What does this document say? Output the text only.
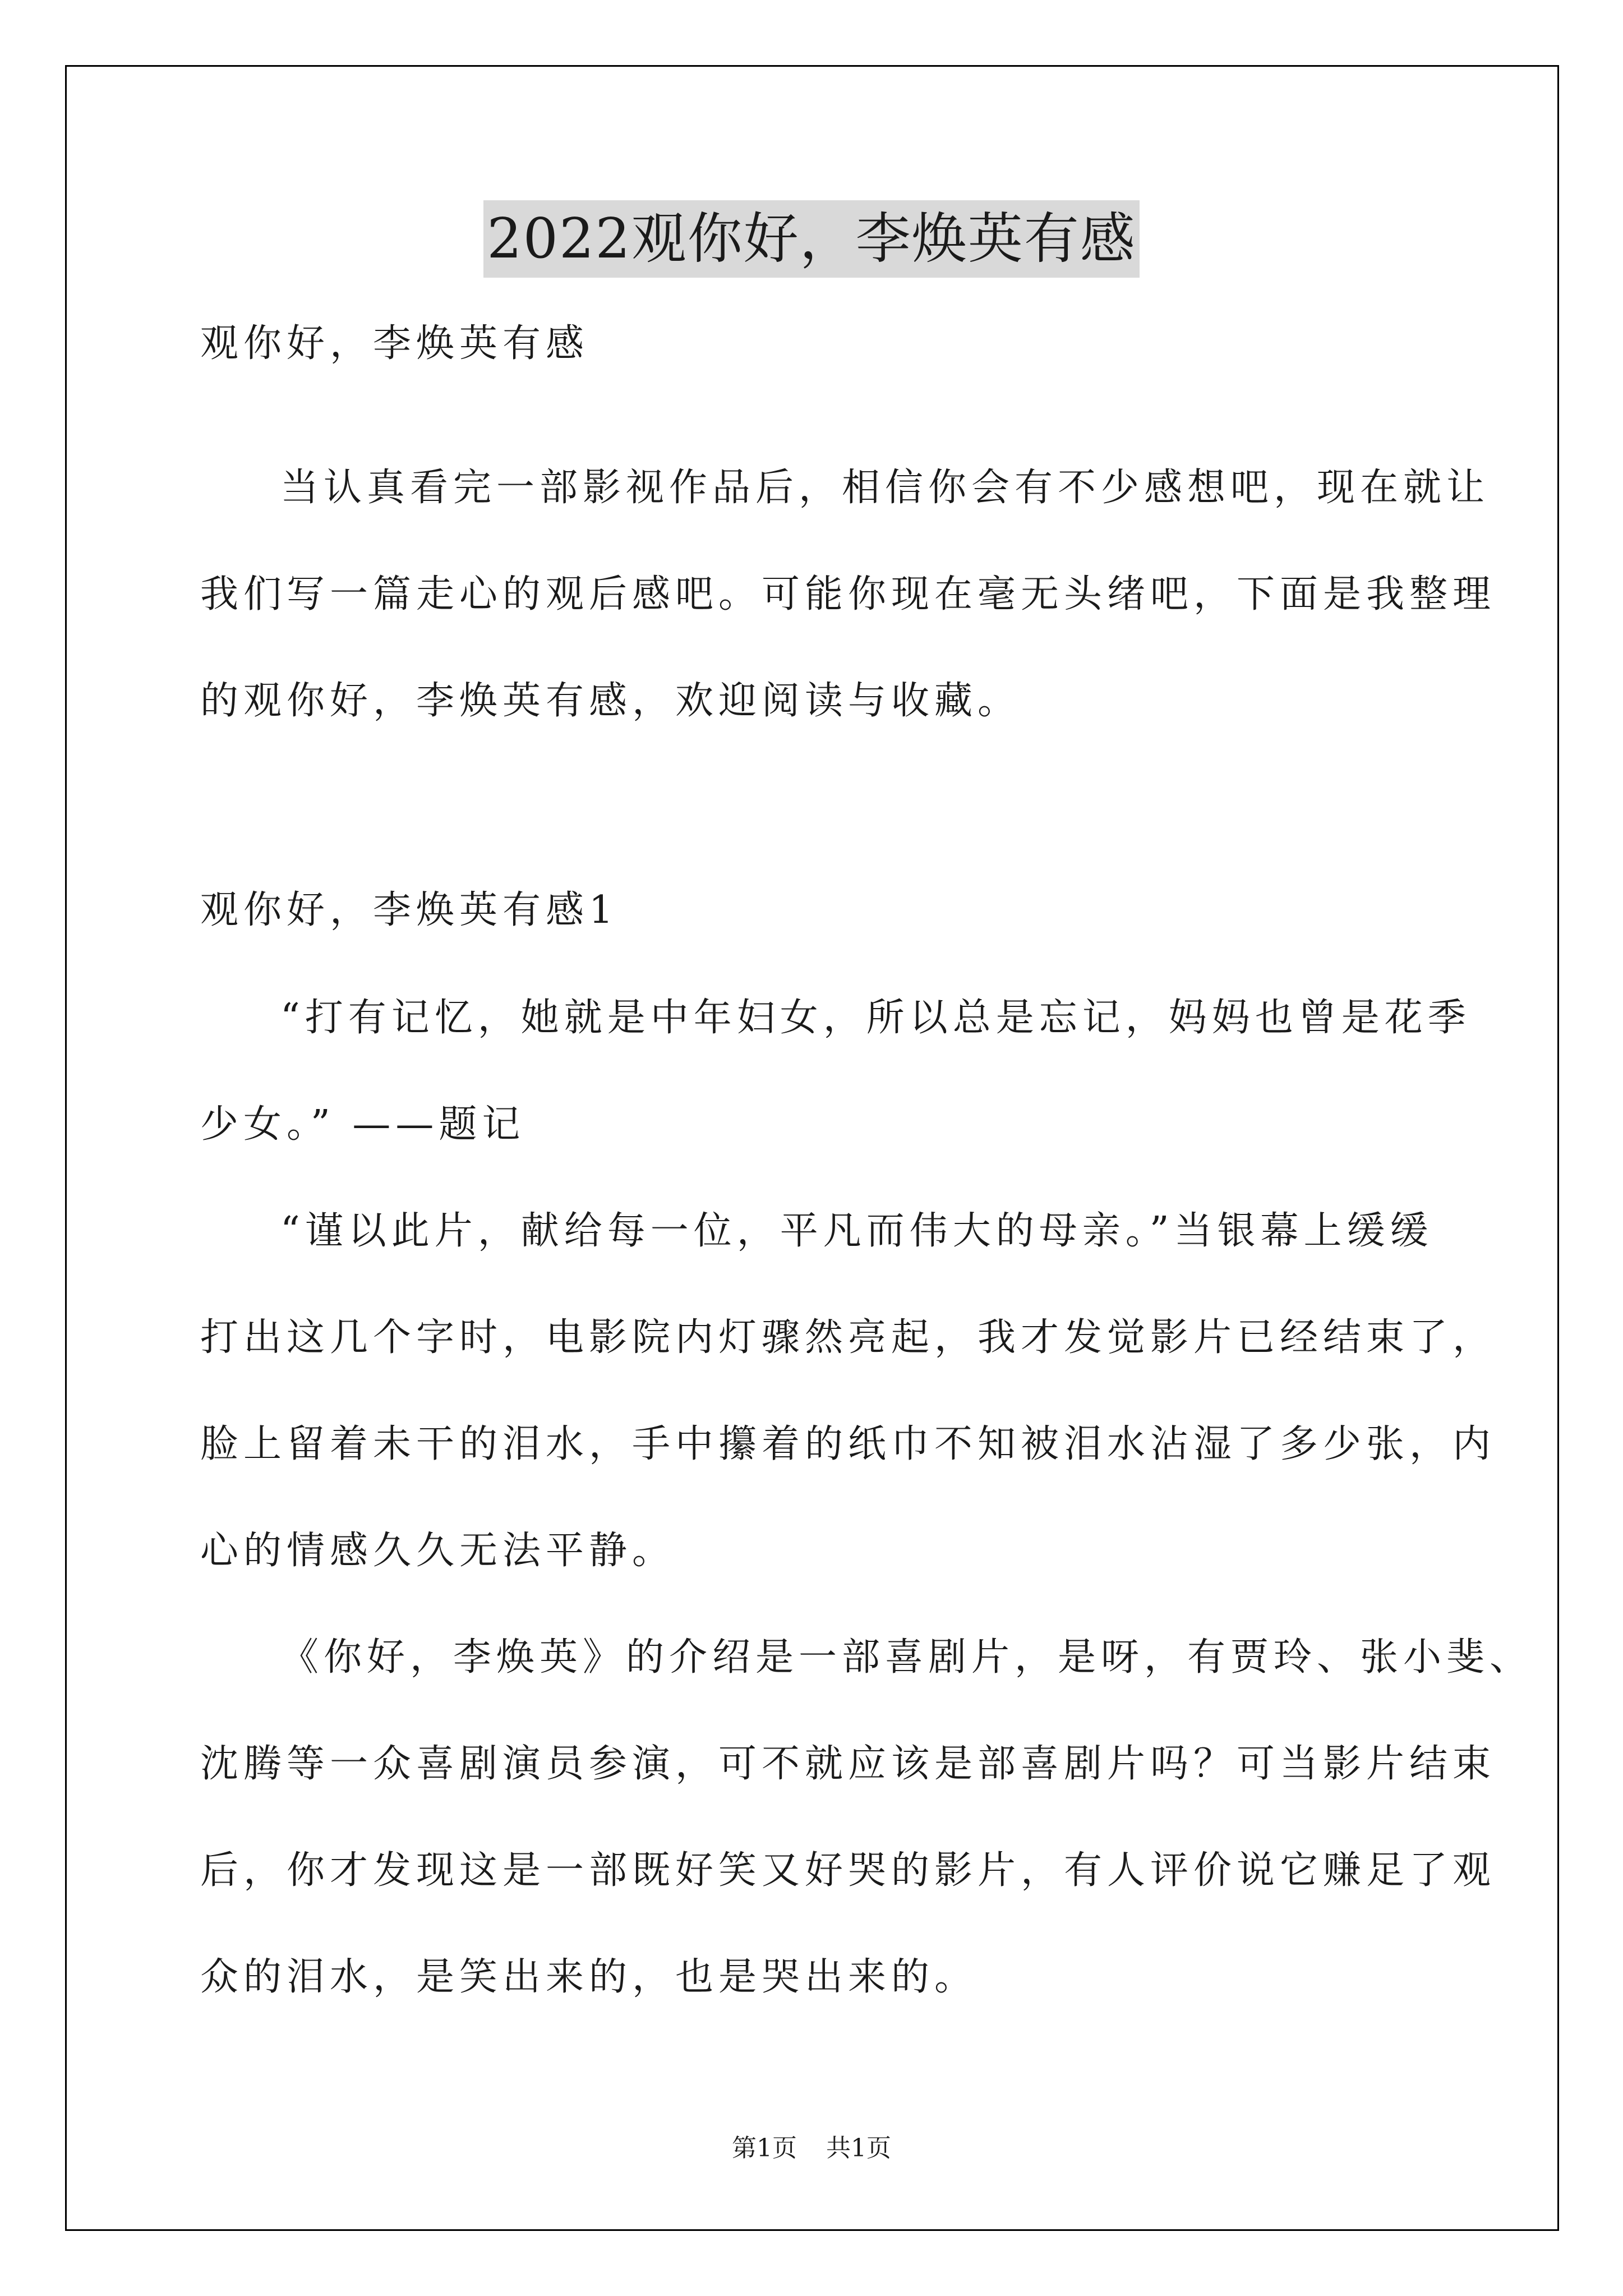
2022观你好，李焕英有感
观你好，李焕英有感
当认真看完一部影视作品后，相信你会有不少感想吧，现在就让
我们写一篇走心的观后感吧。可能你现在毫无头绪吧，下面是我整理
的观你好，李焕英有感，欢迎阅读与收藏。
观你好，李焕英有感1
“打有记忆，她就是中年妇女，所以总是忘记，妈妈也曾是花季
少女。” ——题记
“谨以此片，献给每一位，平凡而伟大的母亲。”当银幕上缓缓
打出这几个字时，电影院内灯骤然亮起，我才发觉影片已经结束了，
脸上留着未干的泪水，手中攥着的纸巾不知被泪水沾湿了多少张，内
心的情感久久无法平静。
《你好，李焕英》的介绍是一部喜剧片，是呀，有贾玲、张小斐、
沈腾等一众喜剧演员参演，可不就应该是部喜剧片吗？可当影片结束
后，你才发现这是一部既好笑又好哭的影片，有人评价说它赚足了观
众的泪水，是笑出来的，也是哭出来的。
第1页 共1页
